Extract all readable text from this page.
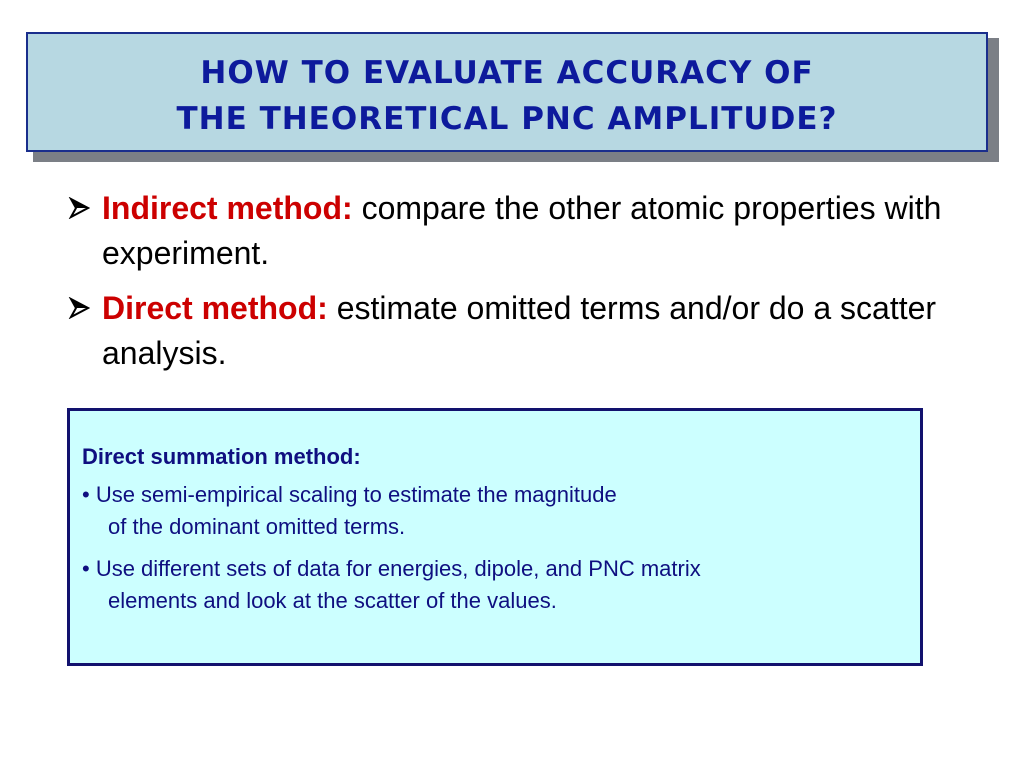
how to evaluate accuracy of
the theoretical pnc amplitude?
Indirect method: compare the other atomic properties with experiment.
Direct method: estimate omitted terms and/or do a scatter analysis.
Direct summation method:
• Use semi-empirical scaling to estimate the magnitude
of the dominant omitted terms.
• Use different sets of data for energies, dipole, and PNC matrix
elements and look at the scatter of the values.
